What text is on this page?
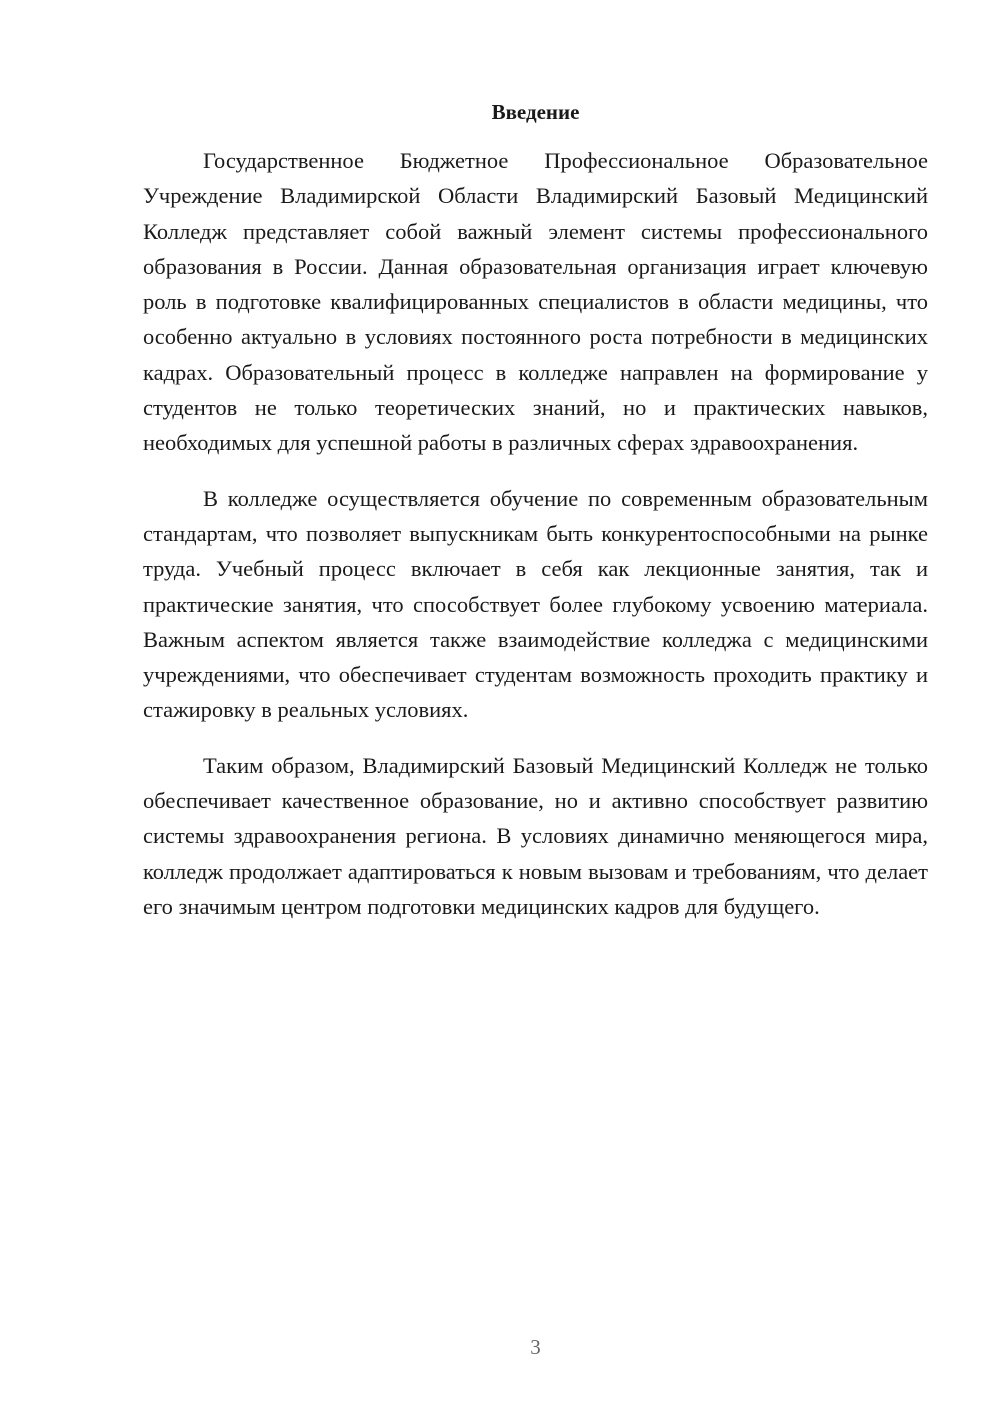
Введение

Государственное Бюджетное Профессиональное Образовательное Учреждение Владимирской Области Владимирский Базовый Медицинский Колледж представляет собой важный элемент системы профессионального образования в России. Данная образовательная организация играет ключевую роль в подготовке квалифицированных специалистов в области медицины, что особенно актуально в условиях постоянного роста потребности в медицинских кадрах. Образовательный процесс в колледже направлен на формирование у студентов не только теоретических знаний, но и практических навыков, необходимых для успешной работы в различных сферах здравоохранения.

В колледже осуществляется обучение по современным образовательным стандартам, что позволяет выпускникам быть конкурентоспособными на рынке труда. Учебный процесс включает в себя как лекционные занятия, так и практические занятия, что способствует более глубокому усвоению материала. Важным аспектом является также взаимодействие колледжа с медицинскими учреждениями, что обеспечивает студентам возможность проходить практику и стажировку в реальных условиях.

Таким образом, Владимирский Базовый Медицинский Колледж не только обеспечивает качественное образование, но и активно способствует развитию системы здравоохранения региона. В условиях динамично меняющегося мира, колледж продолжает адаптироваться к новым вызовам и требованиям, что делает его значимым центром подготовки медицинских кадров для будущего.

3
